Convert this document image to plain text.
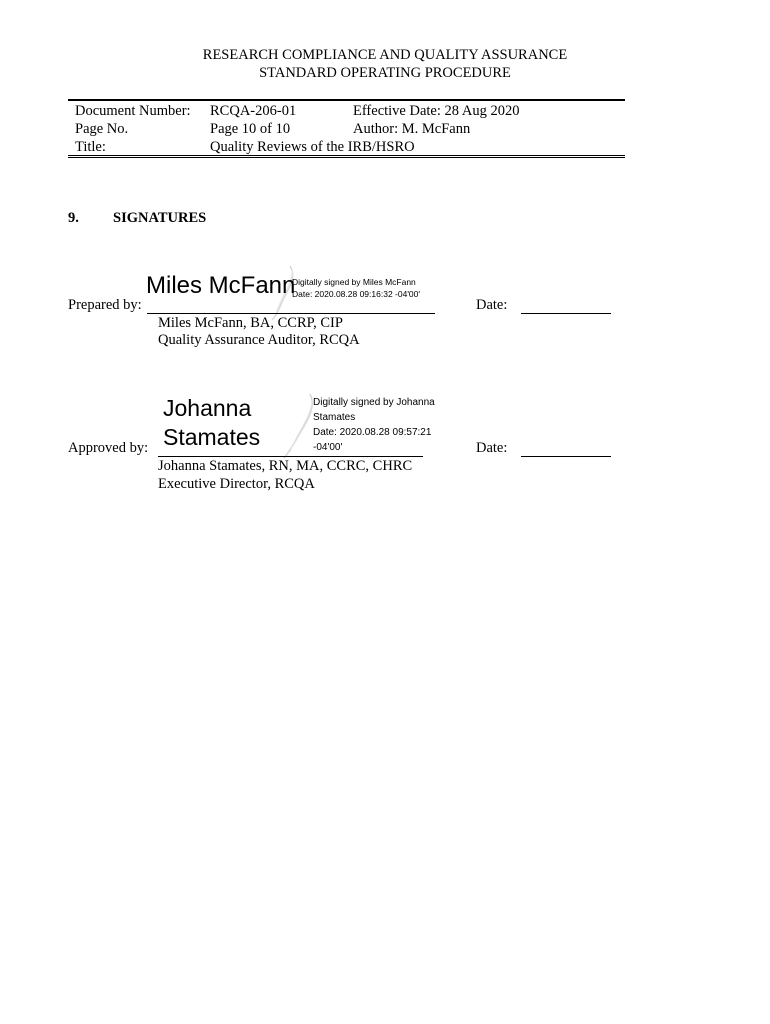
RESEARCH COMPLIANCE AND QUALITY ASSURANCE
STANDARD OPERATING PROCEDURE
Document Number: RCQA-206-01	Effective Date: 28 Aug 2020
Page No.	Page 10 of 10	Author: M. McFann
Title:	Quality Reviews of the IRB/HSRO
9. SIGNATURES
Miles McFann
Digitally signed by Miles McFann
Date: 2020.08.28 09:16:32 -04'00'
Prepared by:
Miles McFann, BA, CCRP, CIP
Quality Assurance Auditor, RCQA
Date:
Johanna
Stamates
Digitally signed by Johanna
Stamates
Date: 2020.08.28 09:57:21
-04'00'
Approved by:
Johanna Stamates, RN, MA, CCRC, CHRC
Executive Director, RCQA
Date:
